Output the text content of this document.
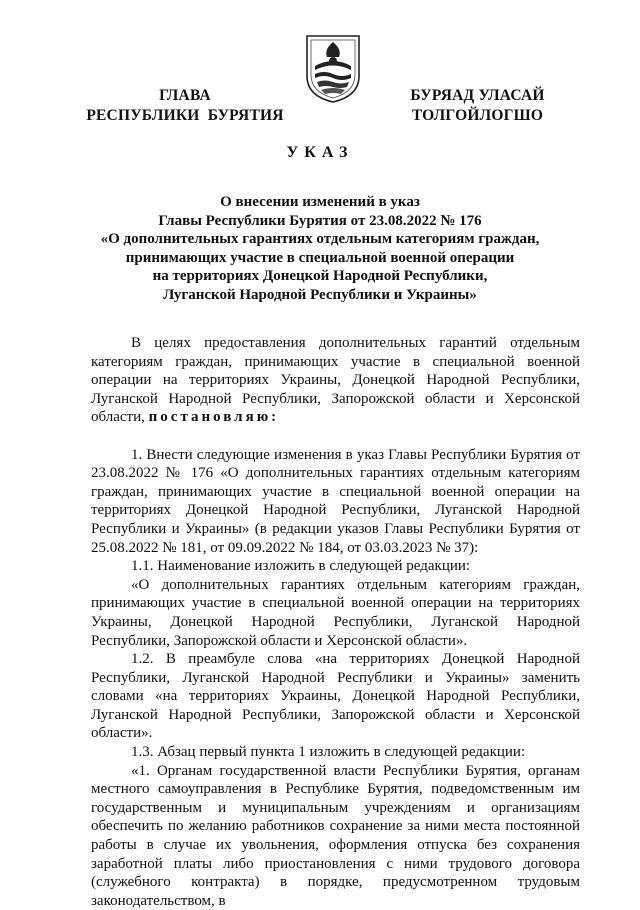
ГЛАВА
РЕСПУБЛИКИ  БУРЯТИЯ
БУРЯАД УЛАСАЙ
ТОЛГОЙЛОГШО
УКАЗ
О внесении изменений в указ
Главы Республики Бурятия от 23.08.2022 № 176
«О дополнительных гарантиях отдельным категориям граждан,
принимающих участие в специальной военной операции
на территориях Донецкой Народной Республики,
Луганской Народной Республики и Украины»

В целях предоставления дополнительных гарантий отдельным категориям граждан, принимающих участие в специальной военной операции на территориях Украины, Донецкой Народной Республики, Луганской Народной Республики, Запорожской области и Херсонской области, постановляю:

1. Внести следующие изменения в указ Главы Республики Бурятия от 23.08.2022 № 176 «О дополнительных гарантиях отдельным категориям граждан, принимающих участие в специальной военной операции на территориях Донецкой Народной Республики, Луганской Народной Республики и Украины» (в редакции указов Главы Республики Бурятия от 25.08.2022 № 181, от 09.09.2022 № 184, от 03.03.2023 № 37):

1.1. Наименование изложить в следующей редакции:

«О дополнительных гарантиях отдельным категориям граждан, принимающих участие в специальной военной операции на территориях Украины, Донецкой Народной Республики, Луганской Народной Республики, Запорожской области и Херсонской области».

1.2. В преамбуле слова «на территориях Донецкой Народной Республики, Луганской Народной Республики и Украины» заменить словами «на территориях Украины, Донецкой Народной Республики, Луганской Народной Республики, Запорожской области и Херсонской области».

1.3. Абзац первый пункта 1 изложить в следующей редакции:

«1. Органам государственной власти Республики Бурятия, органам местного самоуправления в Республике Бурятия, подведомственным им государственным и муниципальным учреждениям и организациям обеспечить по желанию работников сохранение за ними места постоянной работы в случае их увольнения, оформления отпуска без сохранения заработной платы либо приостановления с ними трудового договора (служебного контракта) в порядке, предусмотренном трудовым законодательством, в
